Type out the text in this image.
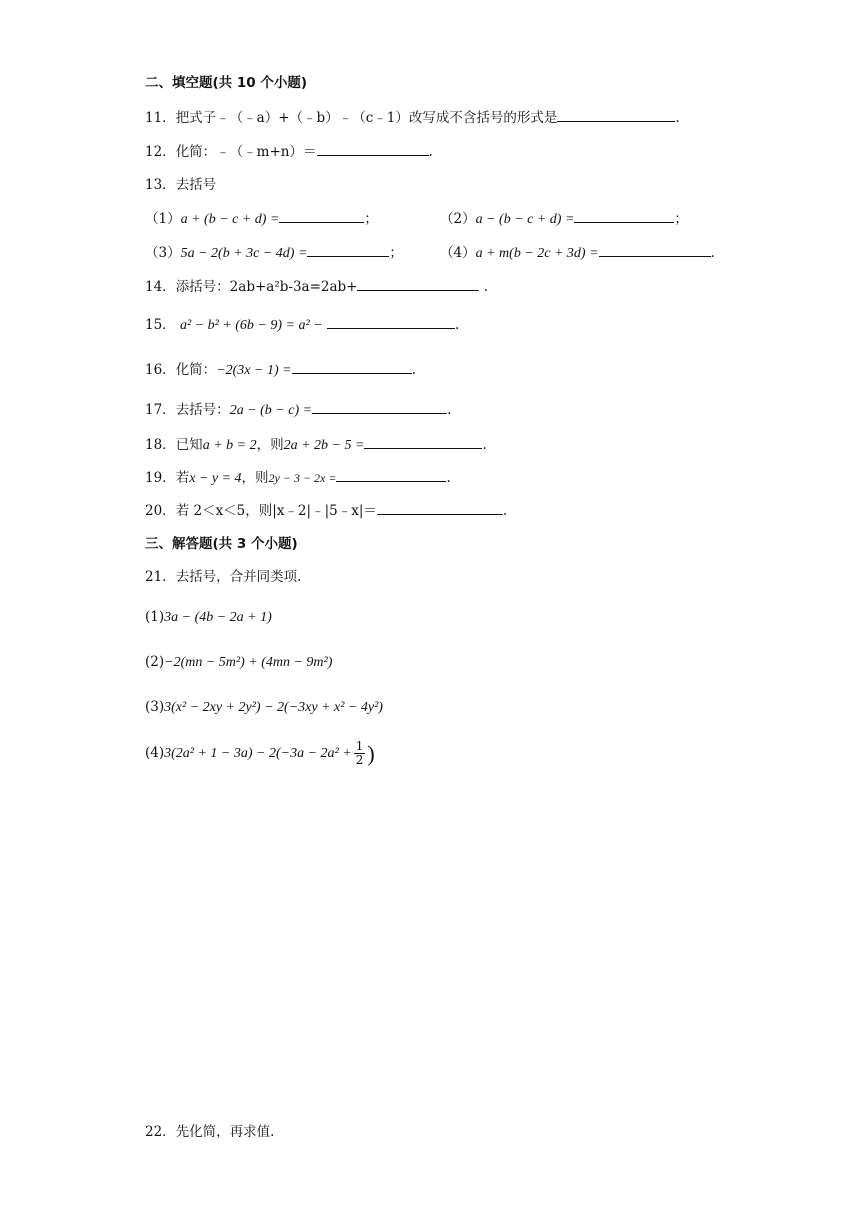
二、填空题(共 10 个小题)
11．把式子﹣（﹣a）+（﹣b）﹣（c﹣1）改写成不含括号的形式是	.
12．化简：﹣（﹣m+n）＝	.
13．去括号
（1）a + (b − c + d) =	；	（2）a − (b − c + d) =	；
（3）5a − 2(b + 3c − 4d) =	；	（4）a + m(b − 2c + 3d) =	.
14．添括号：2ab+a²b-3a=2ab+	.
15． a² − b² + (6b − 9) = a² −	.
16．化简：−2(3x − 1) =	.
17．去括号：2a − (b − c) =	.
18．已知a + b = 2，则2a + 2b − 5 =	.
19．若x − y = 4，则2y − 3 − 2x =	.
20．若 2＜x＜5，则|x﹣2|﹣|5﹣x|＝	.
三、解答题(共 3 个小题)
21．去括号，合并同类项.
(1)3a − (4b − 2a + 1)
(2)−2(mn − 5m²) + (4mn − 9m²)
(3)3(x² − 2xy + 2y²) − 2(−3xy + x² − 4y²)
$(4)3(2a^2 + 1 - 3a) - 2(-3a - 2a^2 + \frac{1}{2}$ )
22．先化简，再求值.
